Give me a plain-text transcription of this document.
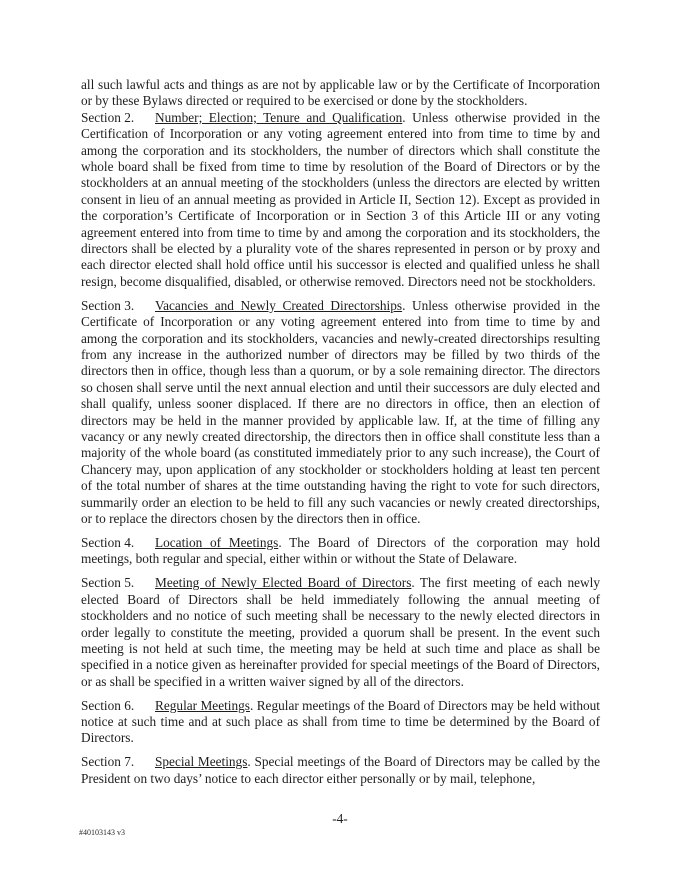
all such lawful acts and things as are not by applicable law or by the Certificate of Incorporation or by these Bylaws directed or required to be exercised or done by the stockholders.

Section 2. Number; Election; Tenure and Qualification. Unless otherwise provided in the Certification of Incorporation or any voting agreement entered into from time to time by and among the corporation and its stockholders, the number of directors which shall constitute the whole board shall be fixed from time to time by resolution of the Board of Directors or by the stockholders at an annual meeting of the stockholders (unless the directors are elected by written consent in lieu of an annual meeting as provided in Article II, Section 12). Except as provided in the corporation’s Certificate of Incorporation or in Section 3 of this Article III or any voting agreement entered into from time to time by and among the corporation and its stockholders, the directors shall be elected by a plurality vote of the shares represented in person or by proxy and each director elected shall hold office until his successor is elected and qualified unless he shall resign, become disqualified, disabled, or otherwise removed. Directors need not be stockholders.

Section 3. Vacancies and Newly Created Directorships. Unless otherwise provided in the Certificate of Incorporation or any voting agreement entered into from time to time by and among the corporation and its stockholders, vacancies and newly-created directorships resulting from any increase in the authorized number of directors may be filled by two thirds of the directors then in office, though less than a quorum, or by a sole remaining director. The directors so chosen shall serve until the next annual election and until their successors are duly elected and shall qualify, unless sooner displaced. If there are no directors in office, then an election of directors may be held in the manner provided by applicable law. If, at the time of filling any vacancy or any newly created directorship, the directors then in office shall constitute less than a majority of the whole board (as constituted immediately prior to any such increase), the Court of Chancery may, upon application of any stockholder or stockholders holding at least ten percent of the total number of shares at the time outstanding having the right to vote for such directors, summarily order an election to be held to fill any such vacancies or newly created directorships, or to replace the directors chosen by the directors then in office.

Section 4. Location of Meetings. The Board of Directors of the corporation may hold meetings, both regular and special, either within or without the State of Delaware.

Section 5. Meeting of Newly Elected Board of Directors. The first meeting of each newly elected Board of Directors shall be held immediately following the annual meeting of stockholders and no notice of such meeting shall be necessary to the newly elected directors in order legally to constitute the meeting, provided a quorum shall be present. In the event such meeting is not held at such time, the meeting may be held at such time and place as shall be specified in a notice given as hereinafter provided for special meetings of the Board of Directors, or as shall be specified in a written waiver signed by all of the directors.

Section 6. Regular Meetings. Regular meetings of the Board of Directors may be held without notice at such time and at such place as shall from time to time be determined by the Board of Directors.

Section 7. Special Meetings. Special meetings of the Board of Directors may be called by the President on two days’ notice to each director either personally or by mail, telephone,

-4-
#40103143 v3
